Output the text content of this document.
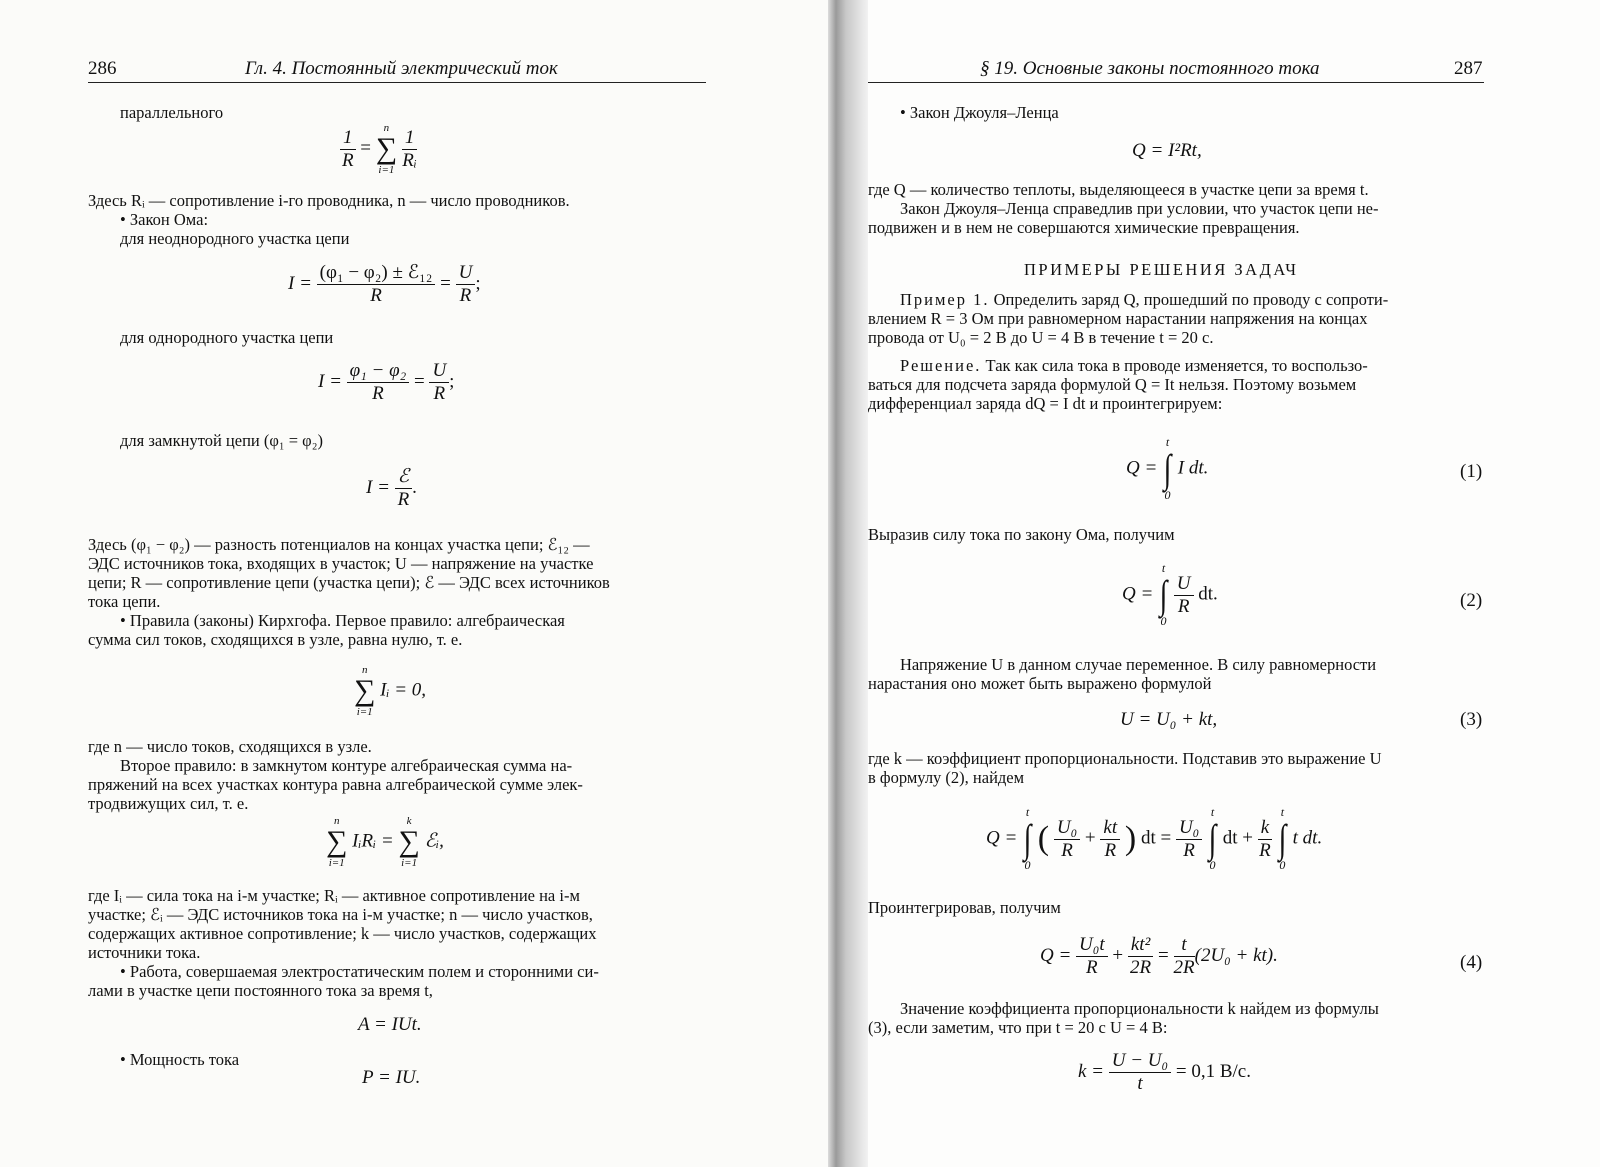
286	Гл. 4. Постоянный электрический ток
параллельного
$\frac{1}{R}$ =
n
∑
i=1
$\frac{1}{\text{Rᵢ}}$
Здесь Rᵢ — сопротивление i-го проводника, n — число проводников.
• Закон Ома:
для неоднородного участка цепи
$I = \frac{\text{(φ₁ − φ₂) ± ℰ₁₂}}{R} = \frac{U}{R}$ ;
для однородного участка цепи
$I = \frac{\text{φ₁ − φ₂}}{R} = \frac{U}{R}$ ;
для замкнутой цепи (φ₁ = φ₂)
$I = \frac{\text{ℰ}}{R}$ .
Здесь (φ₁ − φ₂) — разность потенциалов на концах участка цепи; ℰ₁₂ —
ЭДС источников тока, входящих в участок; U — напряжение на участке
цепи; R — сопротивление цепи (участка цепи); ℰ — ЭДС всех источников
тока цепи.
• Правила (законы) Кирхгофа. Первое правило: алгебраическая
сумма сил токов, сходящихся в узле, равна нулю, т. е.
n
∑
i=1
Iᵢ = 0,
где n — число токов, сходящихся в узле.
Второе правило: в замкнутом контуре алгебраическая сумма на-
пряжений на всех участках контура равна алгебраической сумме элек-
тродвижущих сил, т. е.
n
∑
i=1
IᵢRᵢ =
k
∑
i=1
ℰᵢ,
где Iᵢ — сила тока на i-м участке; Rᵢ — активное сопротивление на i-м
участке; ℰᵢ — ЭДС источников тока на i-м участке; n — число участков,
содержащих активное сопротивление; k — число участков, содержащих
источники тока.
• Работа, совершаемая электростатическим полем и сторонними си-
лами в участке цепи постоянного тока за время t,
A = IUt.
• Мощность тока
P = IU.
§ 19. Основные законы постоянного тока	287
• Закон Джоуля–Ленца
Q = I²Rt,
где Q — количество теплоты, выделяющееся в участке цепи за время t.
Закон Джоуля–Ленца справедлив при условии, что участок цепи не-
подвижен и в нем не совершаются химические превращения.
ПРИМЕРЫ РЕШЕНИЯ ЗАДАЧ
Пример 1. Определить заряд Q, прошедший по проводу с сопроти-
влением R = 3 Ом при равномерном нарастании напряжения на концах
провода от U₀ = 2 В до U = 4 В в течение t = 20 с.
Решение. Так как сила тока в проводе изменяется, то воспользо-
ваться для подсчета заряда формулой Q = It нельзя. Поэтому возьмем
дифференциал заряда dQ = I dt и проинтегрируем:
Q =
t
∫
0
I dt.	(1)
Выразив силу тока по закону Ома, получим
Q =
t
∫
0

$\frac{U}{R}$ dt.	(2)
Напряжение U в данном случае переменное. В силу равномерности
нарастания оно может быть выражено формулой
U = U₀ + kt,	(3)
где k — коэффициент пропорциональности. Подставив это выражение U
в формулу (2), найдем
Q =
t
∫
0
( $\frac{\text{U₀}}{R} + \frac{kt}{R}$ ) dt = $\frac{\text{U₀}}{R}$

t
∫
0
dt + $\frac{k}{R}$

t
∫
0
t dt.
Проинтегрировав, получим
$Q = \frac{\text{U₀t}}{R} + \frac{\text{kt²}}{2R} = \frac{t}{2R} (2U_0 + kt)$.	(4)
Значение коэффициента пропорциональности k найдем из формулы
(3), если заметим, что при t = 20 с U = 4 В:
$k = \frac{\text{U − U₀}}{t} = 0,1$ В/с.
